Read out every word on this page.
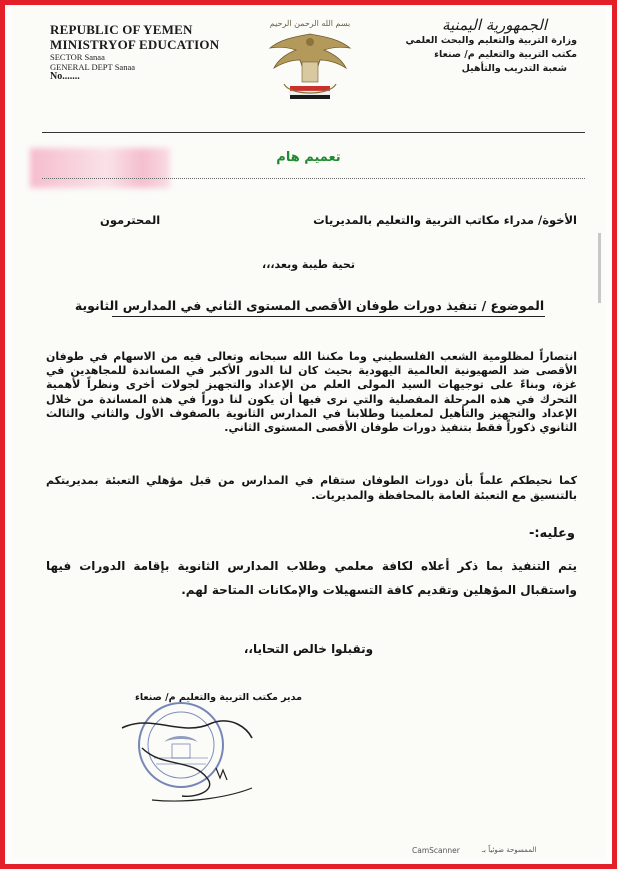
REPUBLIC OF YEMEN
MINISTRYOF EDUCATION
SECTOR Sanaa
GENERAL DEPT Sanaa
No.......
بسم الله الرحمن الرحيم	الجمهورية اليمنية
وزارة التربية والتعليم والبحث العلمي
مكتب التربية والتعليم م/ صنعاء
شعبة التدريب والتأهيل
تعميم هام
الأخوة/ مدراء مكاتب التربية والتعليم بالمديريات
المحترمون
تحية طيبة وبعد،،،
الموضوع / تنفيذ دورات طوفان الأقصى المستوى الثاني في المدارس الثانوية
انتصاراً لمظلومية الشعب الفلسطيني وما مكننا الله سبحانه وتعالى فيه من الاسهام في طوفان الأقصى ضد الصهيونية العالمية اليهودية بحيث كان لنا الدور الأكبر في المساندة للمجاهدين في غزة، وبناءً على توجيهات السيد المولى العلم من الإعداد والتجهيز لجولات أخرى ونظراً لأهمية التحرك في هذه المرحلة المفصلية والتي نرى فيها أن يكون لنا دوراً في هذه المساندة من خلال الإعداد والتجهيز والتأهيل لمعلمينا وطلابنا في المدارس الثانوية بالصفوف الأول والثاني والثالث الثانوي ذكوراً فقط بتنفيذ دورات طوفان الأقصى المستوى الثاني.
كما نحيطكم علماً بأن دورات الطوفان ستقام في المدارس من قبل مؤهلي التعبئة بمديريتكم بالتنسيق مع التعبئة العامة بالمحافظة والمديريات.
وعليه:-
يتم التنفيذ بما ذكر أعلاه لكافة معلمي وطلاب المدارس الثانوية بإقامة الدورات فيها واستقبال المؤهلين وتقديم كافة التسهيلات والإمكانات المتاحة لهم.
وتقبلوا خالص التحايا،،
مدير مكتب التربية والتعليم م/ صنعاء
CamScanner	الممسوحة ضوئياً بـ
